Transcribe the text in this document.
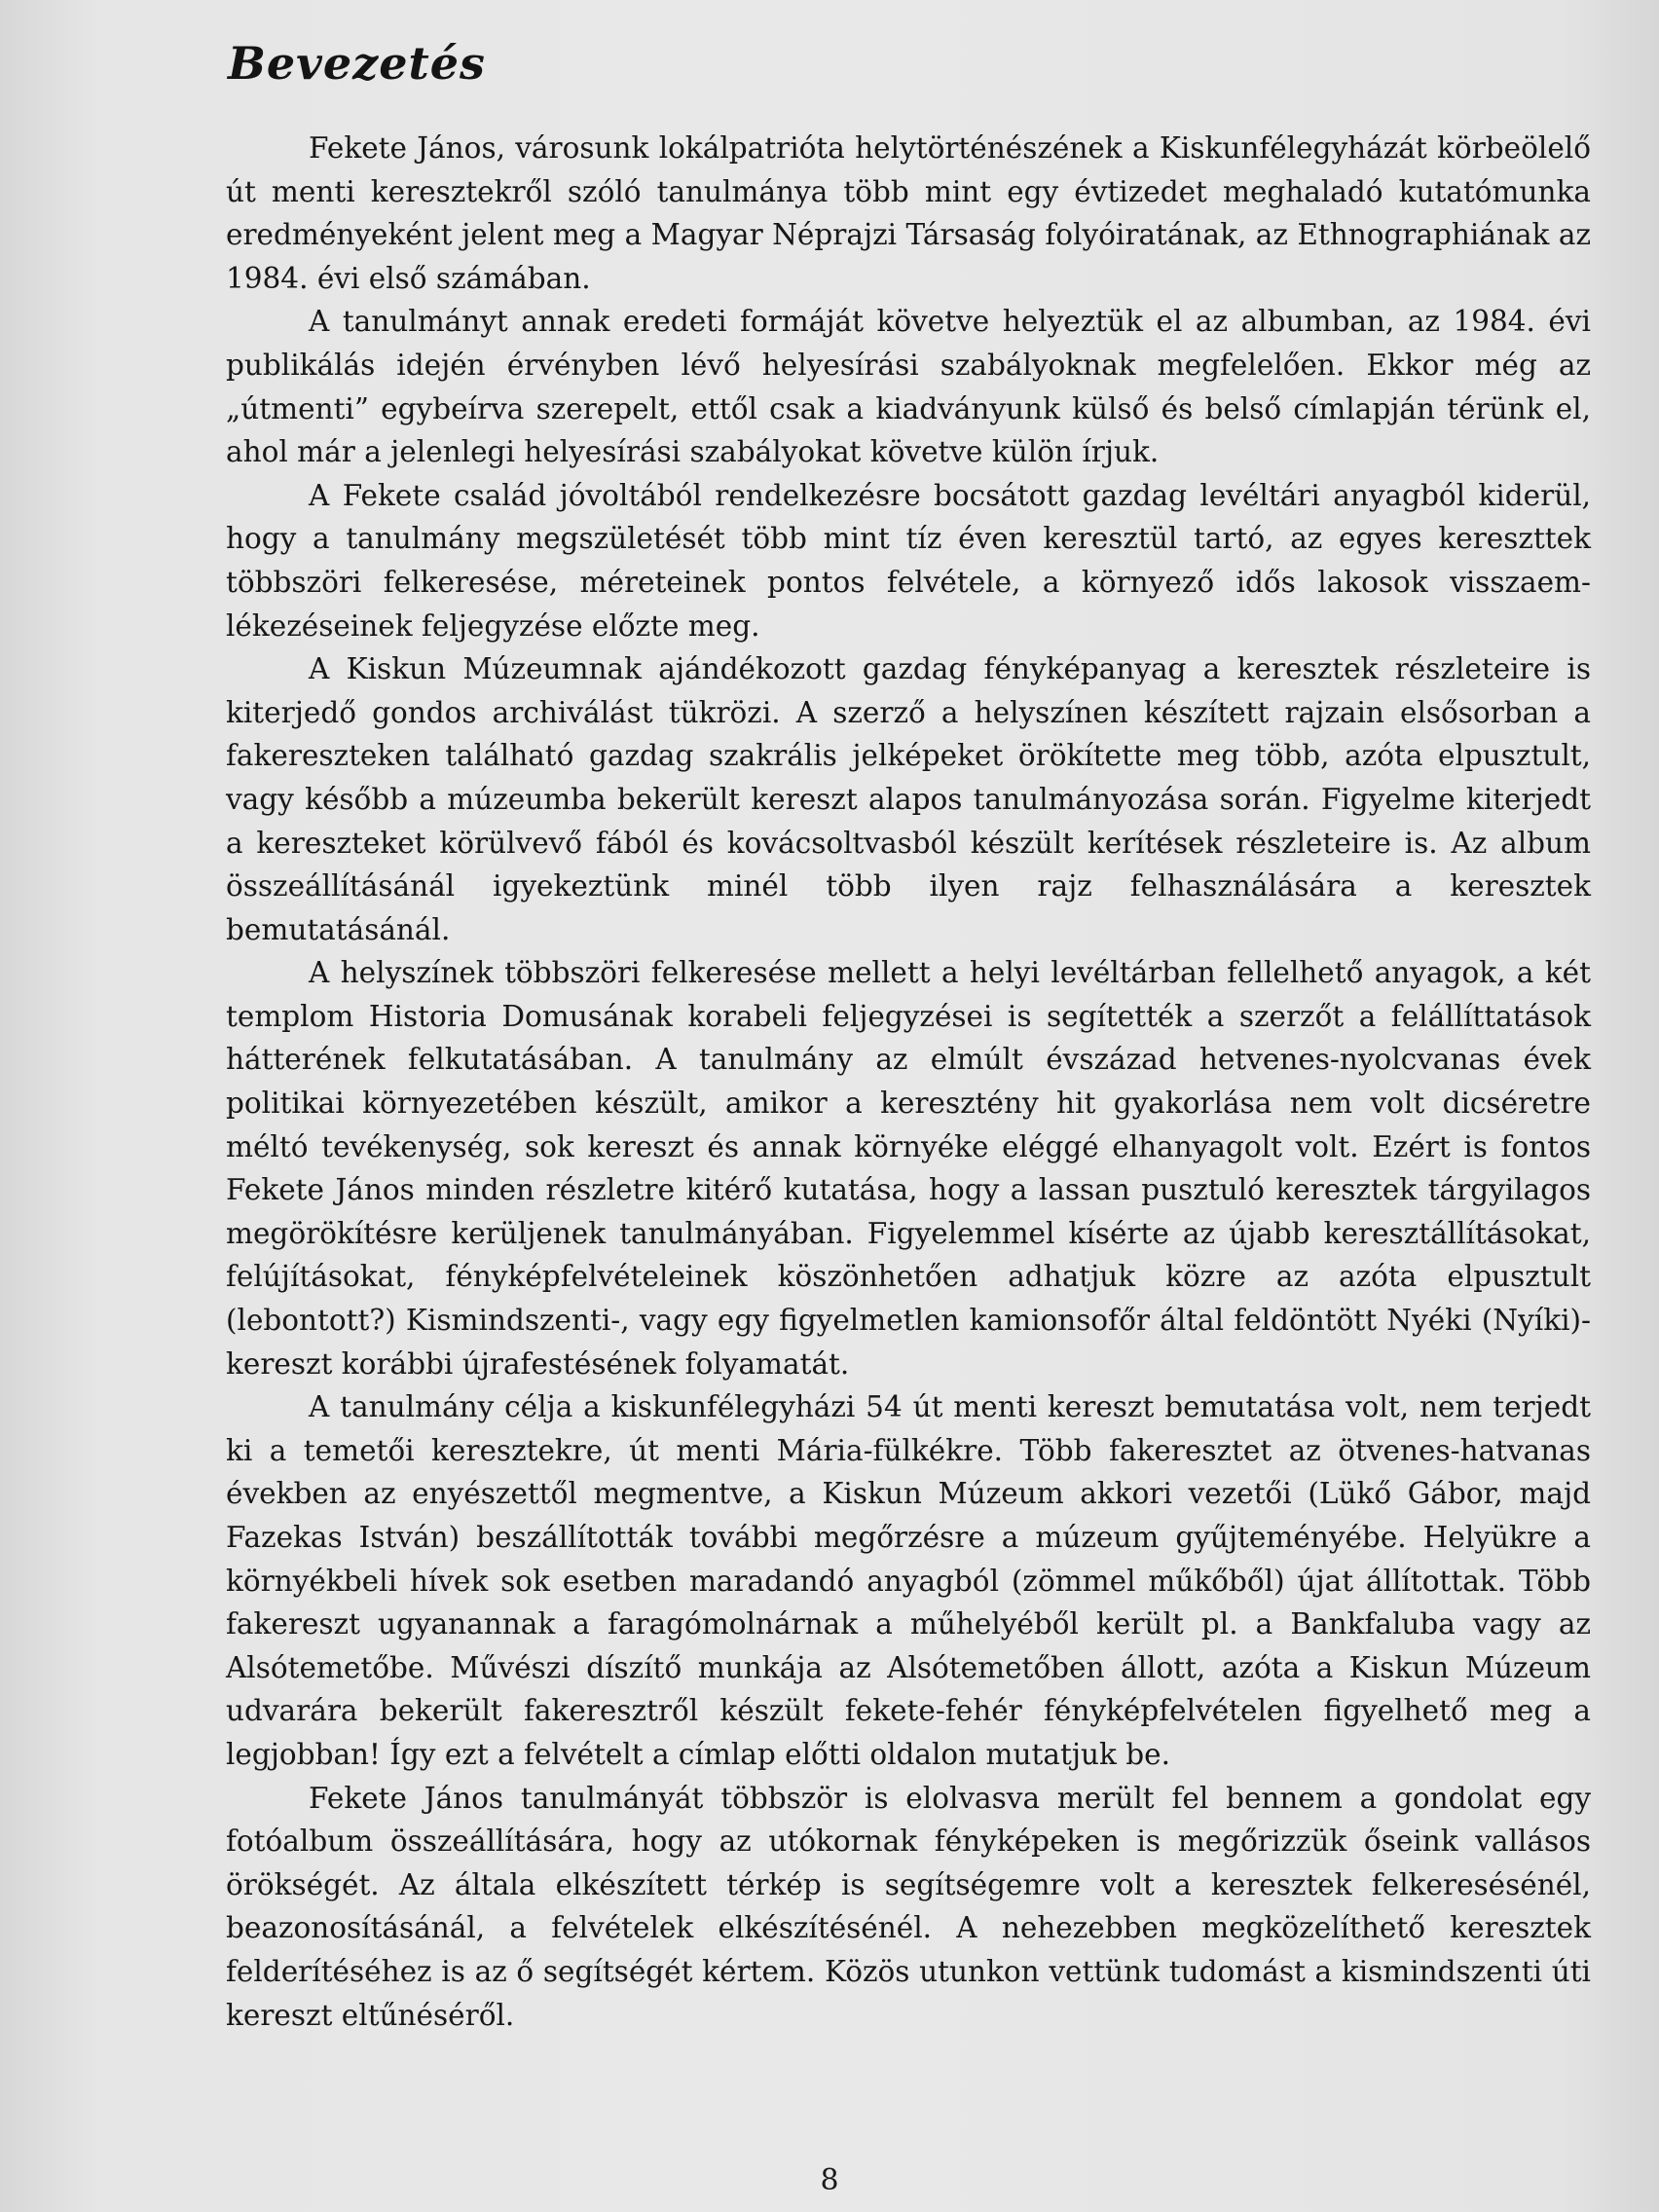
Bevezetés

Fekete János, városunk lokálpatrióta helytörténészének a Kiskunfélegyházát körbeölelő út menti keresztekről szóló tanulmánya több mint egy évtizedet meghaladó kutatómunka eredményeként jelent meg a Magyar Néprajzi Társaság folyóiratának, az Ethnographiának az 1984. évi első számában.

A tanulmányt annak eredeti formáját követve helyeztük el az albumban, az 1984. évi publikálás idején érvényben lévő helyesírási szabályoknak megfelelően. Ekkor még az „útmenti” egybeírva szerepelt, ettől csak a kiadványunk külső és belső címlapján térünk el, ahol már a jelenlegi helyesírási szabályokat követve külön írjuk.

A Fekete család jóvoltából rendelkezésre bocsátott gazdag levéltári anyagból kiderül, hogy a tanulmány megszületését több mint tíz éven keresztül tartó, az egyes kereszttek többszöri felkeresése, méreteinek pontos felvétele, a környező idős lakosok visszaemlékezéseinek feljegyzése előzte meg.

A Kiskun Múzeumnak ajándékozott gazdag fényképanyag a keresztek részleteire is kiterjedő gondos archiválást tükrözi. A szerző a helyszínen készített rajzain elsősorban a fakereszteken található gazdag szakrális jelképeket örökítette meg több, azóta elpusztult, vagy később a múzeumba bekerült kereszt alapos tanulmányozása során. Figyelme kiterjedt a kereszteket körülvevő fából és kovácsoltvasból készült kerítések részleteire is. Az album összeállításánál igyekeztünk minél több ilyen rajz felhasználására a keresztek bemutatásánál.

A helyszínek többszöri felkeresése mellett a helyi levéltárban fellelhető anyagok, a két templom Historia Domusának korabeli feljegyzései is segítették a szerzőt a felállíttatások hátterének felkutatásában. A tanulmány az elmúlt évszázad hetvenes-nyolcvanas évek politikai környezetében készült, amikor a keresztény hit gyakorlása nem volt dicséretre méltó tevékenység, sok kereszt és annak környéke eléggé elhanyagolt volt. Ezért is fontos Fekete János minden részletre kitérő kutatása, hogy a lassan pusztuló keresztek tárgyilagos megörökítésre kerüljenek tanulmányában. Figyelemmel kísérte az újabb keresztállításokat, felújításokat, fényképfelvételeinek köszönhetően adhatjuk közre az azóta elpusztult (lebontott?) Kismindszenti-, vagy egy figyelmetlen kamionsofőr által feldöntött Nyéki (Nyíki)-kereszt korábbi újrafestésének folyamatát.

A tanulmány célja a kiskunfélegyházi 54 út menti kereszt bemutatása volt, nem terjedt ki a temetői keresztekre, út menti Mária-fülkékre. Több fakeresztet az ötvenes-hatvanas években az enyészettől megmentve, a Kiskun Múzeum akkori vezetői (Lükő Gábor, majd Fazekas István) beszállították további megőrzésre a múzeum gyűjteményébe. Helyükre a környékbeli hívek sok esetben maradandó anyagból (zömmel műkőből) újat állítottak. Több fakereszt ugyanannak a faragómolnárnak a műhelyéből került pl. a Bankfaluba vagy az Alsótemetőbe. Művészi díszítő munkája az Alsótemetőben állott, azóta a Kiskun Múzeum udvarára bekerült fakeresztről készült fekete-fehér fényképfelvételen figyelhető meg a legjobban! Így ezt a felvételt a címlap előtti oldalon mutatjuk be.

Fekete János tanulmányát többször is elolvasva merült fel bennem a gondolat egy fotóalbum összeállítására, hogy az utókornak fényképeken is megőrizzük őseink vallásos örökségét. Az általa elkészített térkép is segítségemre volt a keresztek felkeresésénél, beazonosításánál, a felvételek elkészítésénél. A nehezebben megközelíthető keresztek felderítéséhez is az ő segítségét kértem. Közös utunkon vettünk tudomást a kismindszenti úti kereszt eltűnéséről.

8
